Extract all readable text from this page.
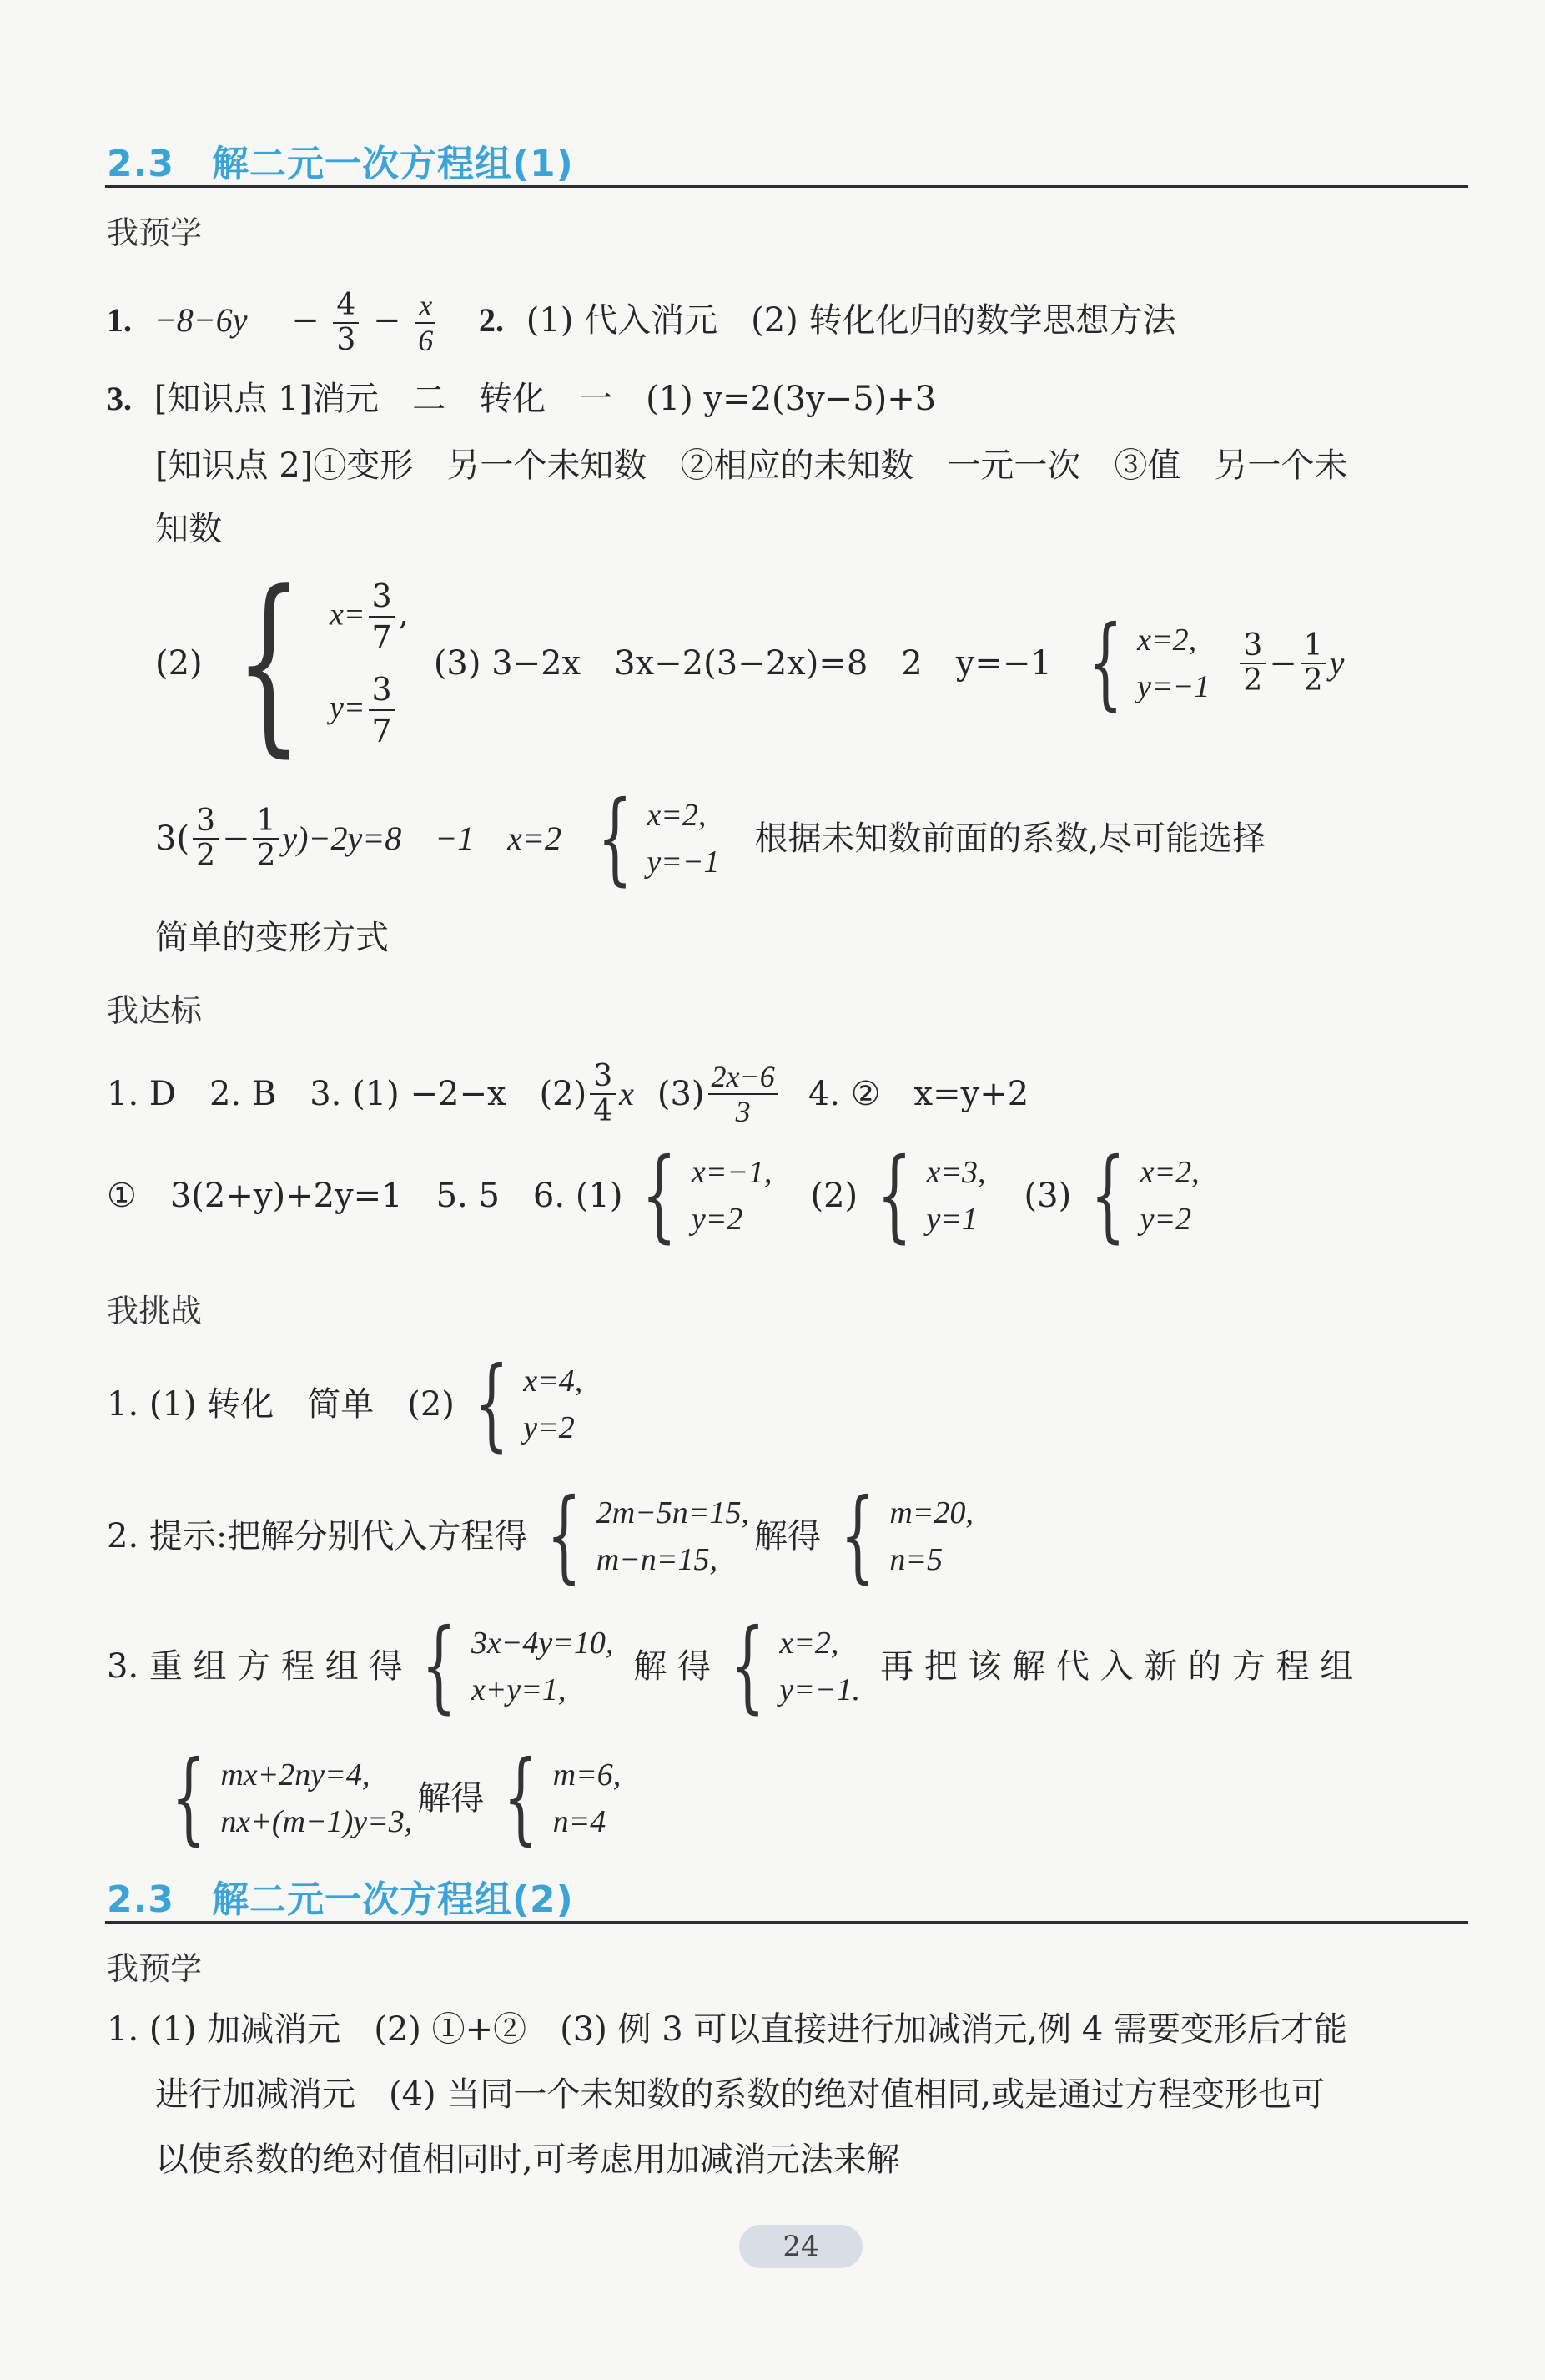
2.3　解二元一次方程组(1)
我预学
1. $-8-6y - \frac{4}{3} - \frac{x}{6} 2$. (1) 代入消元　(2) 转化化归的数学思想方法
3. [知识点 1]消元　二　转化　一　(1) y=2(3y−5)+3
[知识点 2]①变形　另一个未知数　②相应的未知数　一元一次　③值　另一个未
知数
(2) { $x= \frac{3}{7}$ ,
$y= \frac{3}{7}$
(3) 3−2x　3x−2(3−2x)=8　2　y=−1 { x=2,
$y=-1 \frac{3}{2} - \frac{1}{2}$ y
$3( \frac{3}{2} - \frac{1}{2} y)-2y=8$　−1　x=2 { x=2,
y=−1
根据未知数前面的系数,尽可能选择
简单的变形方式
我达标
1. D　2. B　3. (1) −2−x　$(2) \frac{3}{4}$ x $(3) \frac{2x-6}{3} 4$. ②　x=y+2
①　3(2+y)+2y=1　5. 5　6. (1) { x=−1,
y=2
(2) { x=3,
y=1
(3) { x=2,
y=2
我挑战
1. (1) 转化　简单　(2) { x=4,
y=2
2. 提示:把解分别代入方程得 { 2m−5n=15,
m−n=15,
解得 { m=20,
n=5
3. 重 组 方 程 组 得 { 3x−4y=10,
x+y=1,
解 得 { x=2,
y=−1.
再 把 该 解 代 入 新 的 方 程 组
{ mx+2ny=4,
nx+(m−1)y=3,
解得 { m=6,
n=4
2.3　解二元一次方程组(2)
我预学
1. (1) 加减消元　(2) ①+②　(3) 例 3 可以直接进行加减消元,例 4 需要变形后才能
进行加减消元　(4) 当同一个未知数的系数的绝对值相同,或是通过方程变形也可
以使系数的绝对值相同时,可考虑用加减消元法来解
24
